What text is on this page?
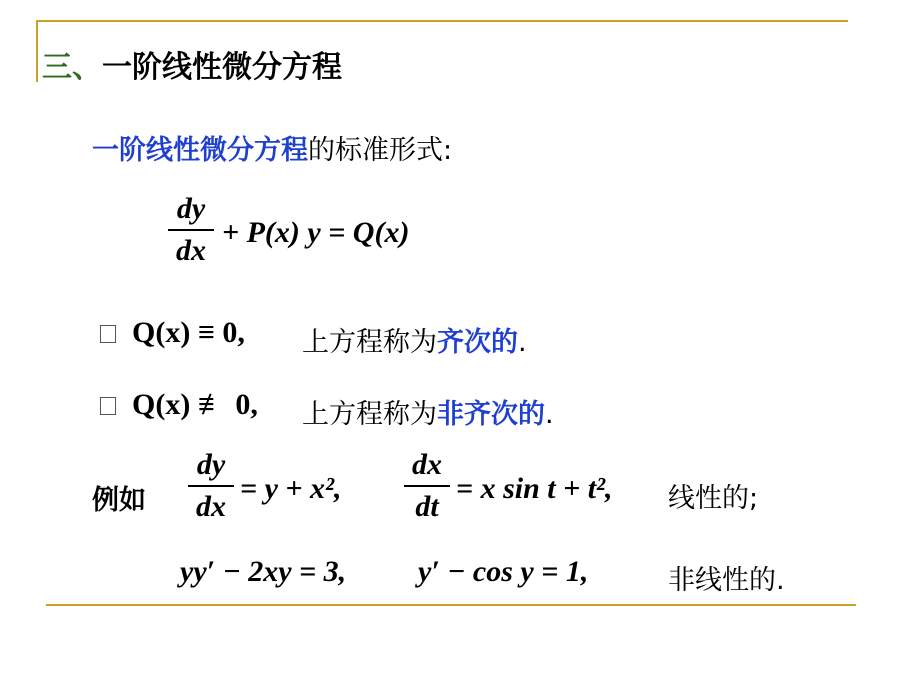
三、一阶线性微分方程
一阶线性微分方程的标准形式:
dy
dx
+ P(x) y = Q(x)
Q(x) ≡ 0, 上方程称为齐次的.
Q(x) ≢ 0, 上方程称为非齐次的.
例如
dy
dx
= y + x²,
dx
dt
= x sin t + t², 线性的;
yy′ − 2xy = 3, y′ − cos y = 1,	非线性的.
